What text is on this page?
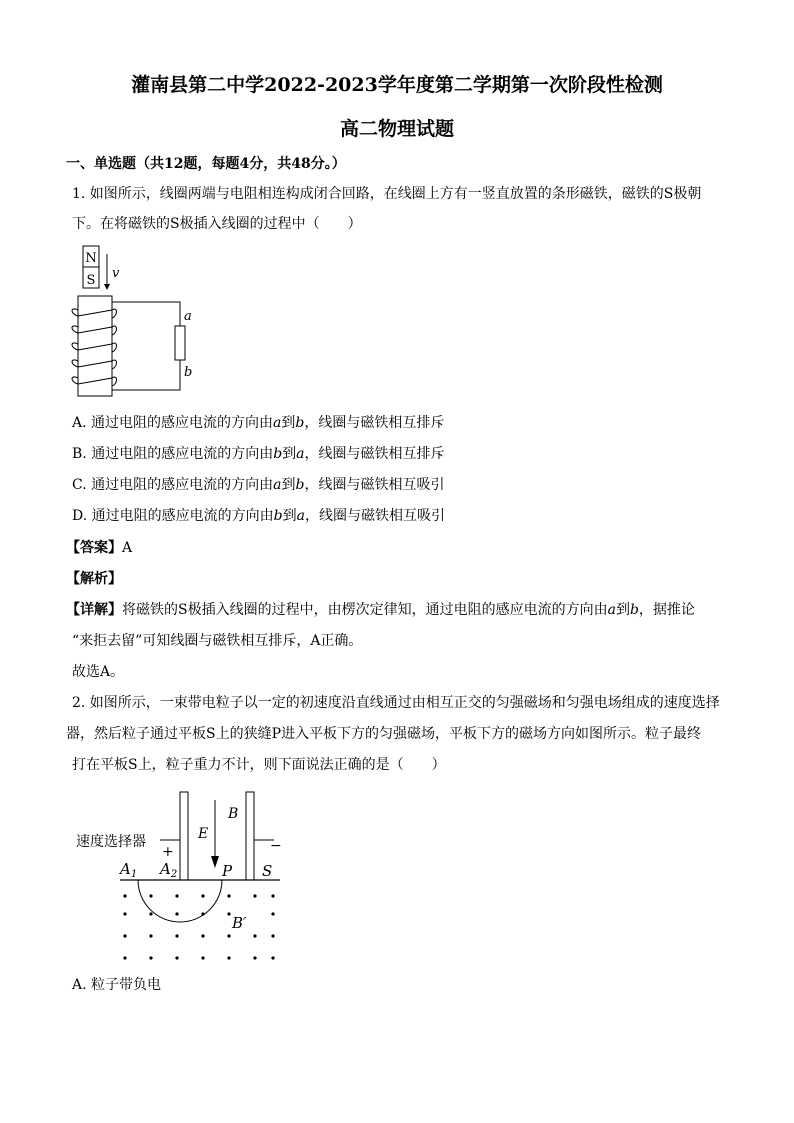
灌南县第二中学2022-2023学年度第二学期第一次阶段性检测
高二物理试题
一、单选题（共12题，每题4分，共48分。）
1. 如图所示，线圈两端与电阻相连构成闭合回路，在线圈上方有一竖直放置的条形磁铁，磁铁的S极朝
下。在将磁铁的S极插入线圈的过程中（　　）
N
S v
a
b
A. 通过电阻的感应电流的方向由a到b，线圈与磁铁相互排斥
B. 通过电阻的感应电流的方向由b到a，线圈与磁铁相互排斥
C. 通过电阻的感应电流的方向由a到b，线圈与磁铁相互吸引
D. 通过电阻的感应电流的方向由b到a，线圈与磁铁相互吸引
【答案】A
【解析】
【详解】将磁铁的S极插入线圈的过程中，由楞次定律知，通过电阻的感应电流的方向由a到b，据推论
“来拒去留”可知线圈与磁铁相互排斥，A正确。
故选A。
2. 如图所示，一束带电粒子以一定的初速度沿直线通过由相互正交的匀强磁场和匀强电场组成的速度选择
器，然后粒子通过平板S上的狭缝P进入平板下方的匀强磁场，平板下方的磁场方向如图所示。粒子最终
打在平板S上，粒子重力不计，则下面说法正确的是（　　）
速度选择器
+	−
E
B
$A_1$ $A_2$	P S
B′
A. 粒子带负电
